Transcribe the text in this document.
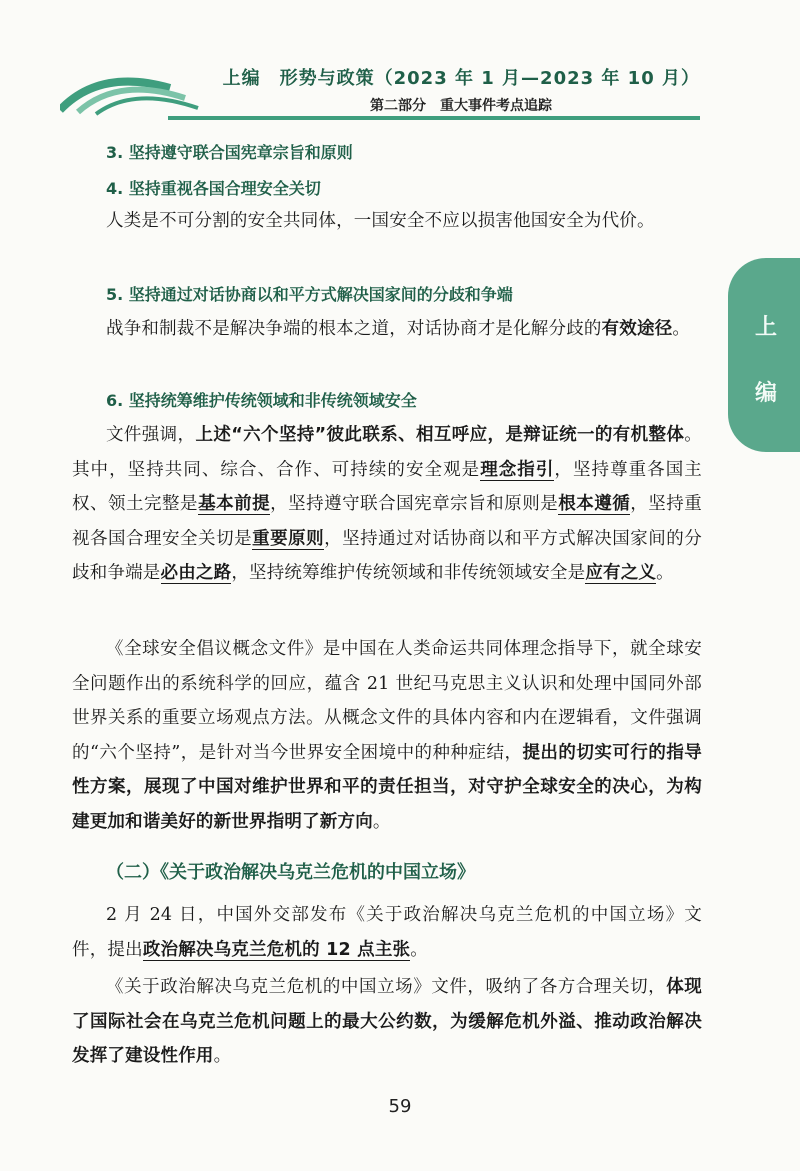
上编　形势与政策（2023 年 1 月—2023 年 10 月）
第二部分　重大事件考点追踪
上
编
3. 坚持遵守联合国宪章宗旨和原则
4. 坚持重视各国合理安全关切
人类是不可分割的安全共同体，一国安全不应以损害他国安全为代价。
5. 坚持通过对话协商以和平方式解决国家间的分歧和争端
战争和制裁不是解决争端的根本之道，对话协商才是化解分歧的有效途径。
6. 坚持统筹维护传统领域和非传统领域安全
文件强调，上述“六个坚持”彼此联系、相互呼应，是辩证统一的有机整体。其中，坚持共同、综合、合作、可持续的安全观是理念指引，坚持尊重各国主权、领土完整是基本前提，坚持遵守联合国宪章宗旨和原则是根本遵循，坚持重视各国合理安全关切是重要原则，坚持通过对话协商以和平方式解决国家间的分歧和争端是必由之路，坚持统筹维护传统领域和非传统领域安全是应有之义。
《全球安全倡议概念文件》是中国在人类命运共同体理念指导下，就全球安全问题作出的系统科学的回应，蕴含 21 世纪马克思主义认识和处理中国同外部世界关系的重要立场观点方法。从概念文件的具体内容和内在逻辑看，文件强调的“六个坚持”，是针对当今世界安全困境中的种种症结，提出的切实可行的指导性方案，展现了中国对维护世界和平的责任担当，对守护全球安全的决心，为构建更加和谐美好的新世界指明了新方向。
（二）《关于政治解决乌克兰危机的中国立场》
2 月 24 日，中国外交部发布《关于政治解决乌克兰危机的中国立场》文件，提出政治解决乌克兰危机的 12 点主张。
《关于政治解决乌克兰危机的中国立场》文件，吸纳了各方合理关切，体现了国际社会在乌克兰危机问题上的最大公约数，为缓解危机外溢、推动政治解决发挥了建设性作用。
59
